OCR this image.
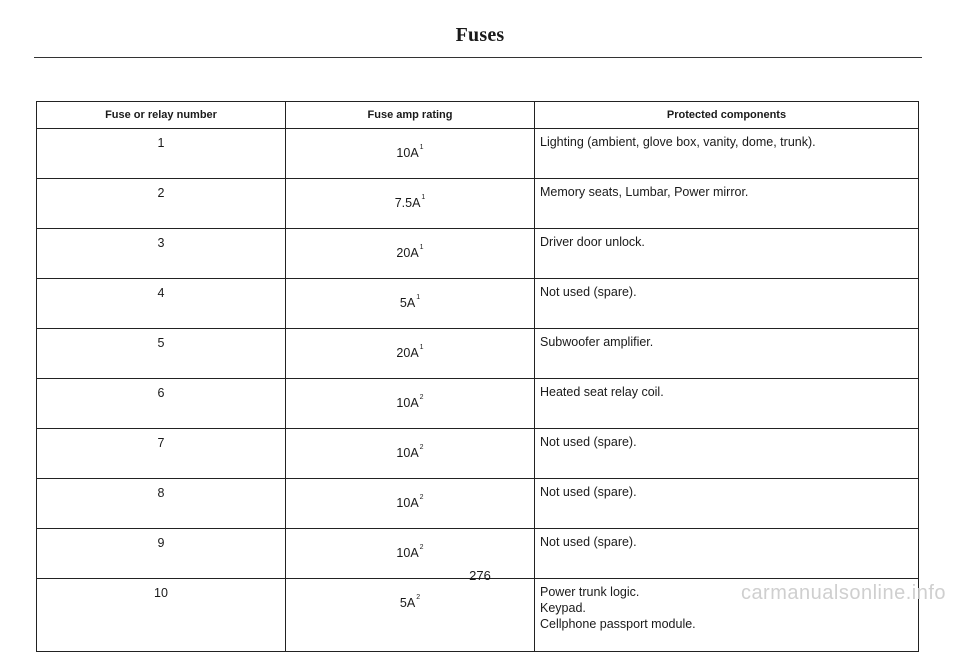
Fuses
Fuse or relay number	Fuse amp rating	Protected components
1	$10A^1$	Lighting (ambient, glove box, vanity, dome, trunk).

2	$7.5A^1$	Memory seats, Lumbar, Power mirror.

3	$20A^1$	Driver door unlock.

4	$5A^1$	Not used (spare).

5	$20A^1$	Subwoofer amplifier.

6	$10A^2$	Heated seat relay coil.

7	$10A^2$	Not used (spare).

8	$10A^2$	Not used (spare).

9	$10A^2$	Not used (spare).

10	$5A^2$	Power trunk logic.
Keypad.
Cellphone passport module.
276
carmanualsonline.info
